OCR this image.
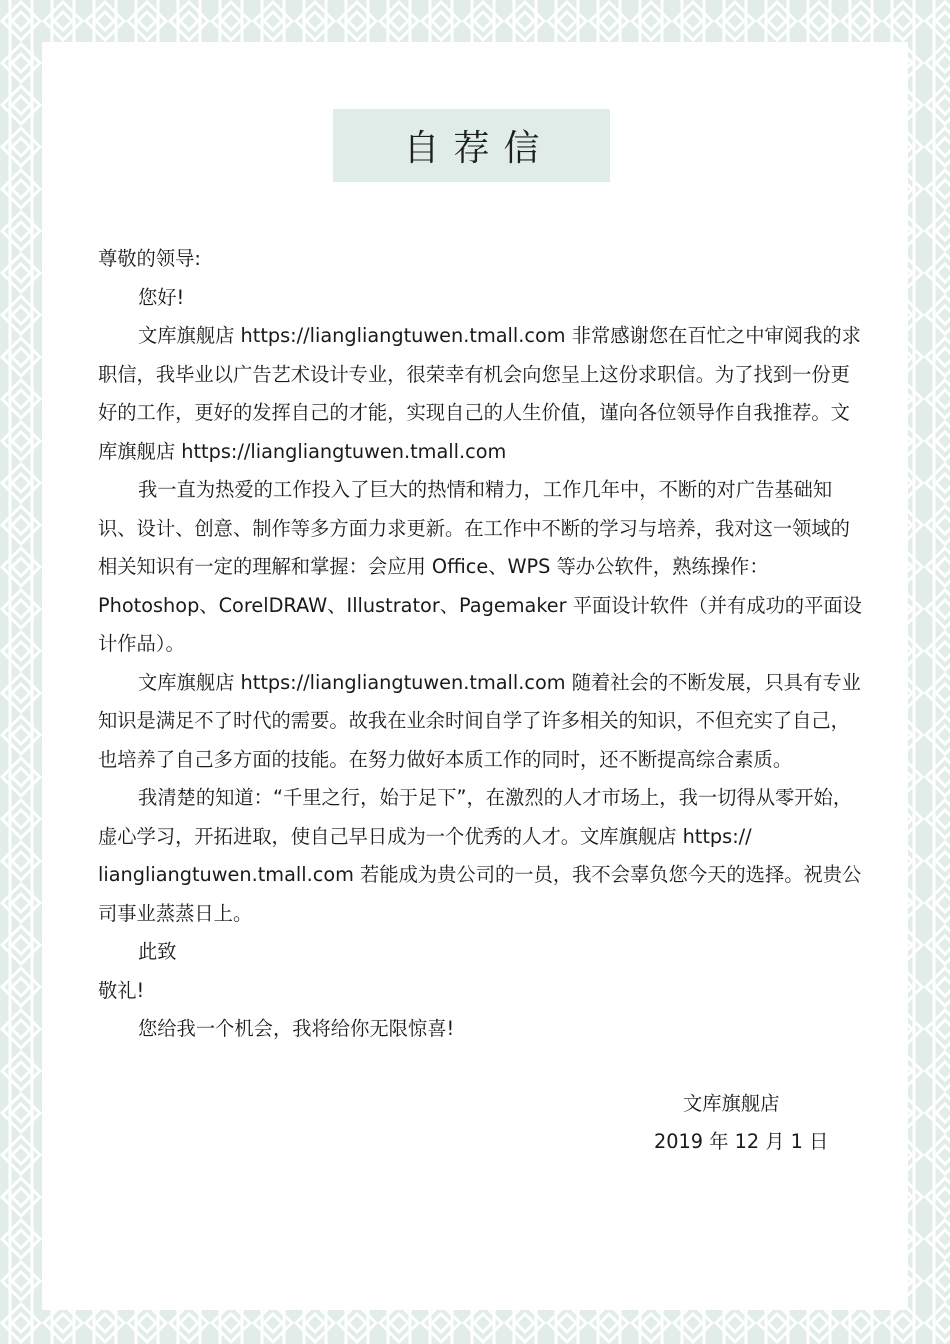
自荐信

尊敬的领导:

您好!

文库旗舰店 https://liangliangtuwen.tmall.com 非常感谢您在百忙之中审阅我的求职信，我毕业以广告艺术设计专业，很荣幸有机会向您呈上这份求职信。为了找到一份更好的工作，更好的发挥自己的才能，实现自己的人生价值，谨向各位领导作自我推荐。文库旗舰店 https://liangliangtuwen.tmall.com

我一直为热爱的工作投入了巨大的热情和精力，工作几年中，不断的对广告基础知识、设计、创意、制作等多方面力求更新。在工作中不断的学习与培养，我对这一领域的相关知识有一定的理解和掌握：会应用 Office、WPS 等办公软件，熟练操作：Photoshop、CorelDRAW、Illustrator、Pagemaker 平面设计软件（并有成功的平面设计作品）。

文库旗舰店 https://liangliangtuwen.tmall.com 随着社会的不断发展，只具有专业知识是满足不了时代的需要。故我在业余时间自学了许多相关的知识，不但充实了自己，也培养了自己多方面的技能。在努力做好本质工作的同时，还不断提高综合素质。

我清楚的知道：“千里之行，始于足下”，在激烈的人才市场上，我一切得从零开始，虚心学习，开拓进取，使自己早日成为一个优秀的人才。文库旗舰店 https:// liangliangtuwen.tmall.com 若能成为贵公司的一员，我不会辜负您今天的选择。祝贵公司事业蒸蒸日上。

此致

敬礼!

您给我一个机会，我将给你无限惊喜!

文库旗舰店
2019 年 12 月 1 日
